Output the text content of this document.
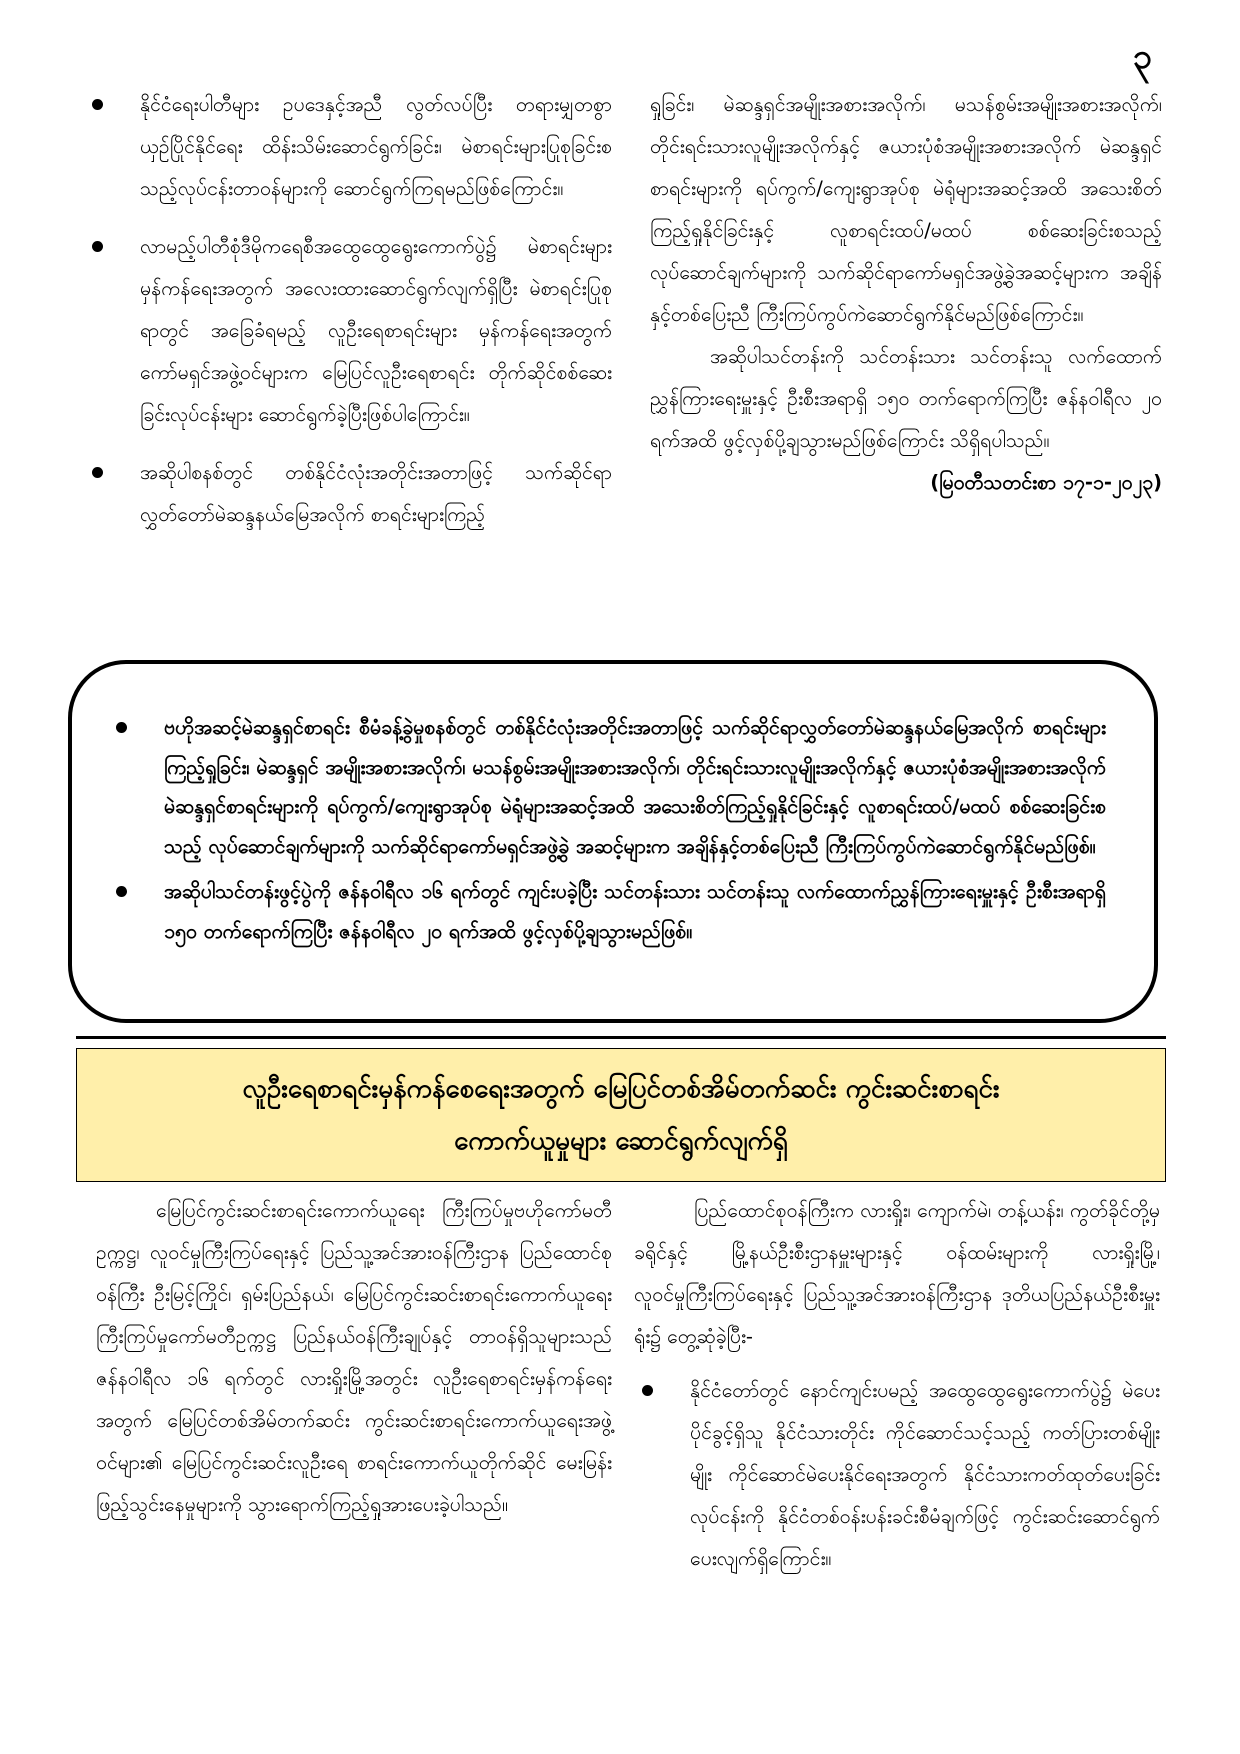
၃
နိုင်ငံရေးပါတီများ ဥပဒေနှင့်အညီ လွတ်လပ်ပြီး တရားမျှတစွာ ယှဉ်ပြိုင်နိုင်ရေး ထိန်းသိမ်းဆောင်ရွက်ခြင်း၊ မဲစာရင်းများပြုစုခြင်းစသည့်လုပ်ငန်းတာဝန်များကို ဆောင်ရွက်ကြရမည်ဖြစ်ကြောင်း။
လာမည့်ပါတီစုံဒီမိုကရေစီအထွေထွေရွေးကောက်ပွဲ၌ မဲစာရင်းများ မှန်ကန်ရေးအတွက် အလေးထားဆောင်ရွက်လျက်ရှိပြီး မဲစာရင်းပြုစုရာတွင် အခြေခံရမည့် လူဦးရေစာရင်းများ မှန်ကန်ရေးအတွက် ကော်မရှင်အဖွဲ့ဝင်များက မြေပြင်လူဦးရေစာရင်း တိုက်ဆိုင်စစ်ဆေးခြင်းလုပ်ငန်းများ ဆောင်ရွက်ခဲ့ပြီးဖြစ်ပါကြောင်း။
အဆိုပါစနစ်တွင် တစ်နိုင်ငံလုံးအတိုင်းအတာဖြင့် သက်ဆိုင်ရာလွှတ်တော်မဲဆန္ဒနယ်မြေအလိုက် စာရင်းများကြည့်

ရှုခြင်း၊ မဲဆန္ဒရှင်အမျိုးအစားအလိုက်၊ မသန်စွမ်းအမျိုးအစားအလိုက်၊ တိုင်းရင်းသားလူမျိုးအလိုက်နှင့် ဇယားပုံစံအမျိုးအစားအလိုက် မဲဆန္ဒရှင်စာရင်းများကို ရပ်ကွက်/ကျေးရွာအုပ်စု မဲရုံများအဆင့်အထိ အသေးစိတ်ကြည့်ရှုနိုင်ခြင်းနှင့် လူစာရင်းထပ်/မထပ် စစ်ဆေးခြင်းစသည့် လုပ်ဆောင်ချက်များကို သက်ဆိုင်ရာကော်မရှင်အဖွဲ့ခွဲအဆင့်များက အချိန်နှင့်တစ်ပြေးညီ ကြီးကြပ်ကွပ်ကဲဆောင်ရွက်နိုင်မည်ဖြစ်ကြောင်း။

အဆိုပါသင်တန်းကို သင်တန်းသား သင်တန်းသူ လက်ထောက်ညွှန်ကြားရေးမှူးနှင့် ဦးစီးအရာရှိ ၁၅၀ တက်ရောက်ကြပြီး ဇန်နဝါရီလ ၂၀ ရက်အထိ ဖွင့်လှစ်ပို့ချသွားမည်ဖြစ်ကြောင်း သိရှိရပါသည်။

(မြဝတီသတင်းစာ ၁၇-၁-၂၀၂၃)

ဗဟိုအဆင့်မဲဆန္ဒရှင်စာရင်း စီမံခန့်ခွဲမှုစနစ်တွင် တစ်နိုင်ငံလုံးအတိုင်းအတာဖြင့် သက်ဆိုင်ရာလွှတ်တော်မဲဆန္ဒနယ်မြေအလိုက် စာရင်းများကြည့်ရှုခြင်း၊ မဲဆန္ဒရှင် အမျိုးအစားအလိုက်၊ မသန်စွမ်းအမျိုးအစားအလိုက်၊ တိုင်းရင်းသားလူမျိုးအလိုက်နှင့် ဇယားပုံစံအမျိုးအစားအလိုက် မဲဆန္ဒရှင်စာရင်းများကို ရပ်ကွက်/ကျေးရွာအုပ်စု မဲရုံများအဆင့်အထိ အသေးစိတ်ကြည့်ရှုနိုင်ခြင်းနှင့် လူစာရင်းထပ်/မထပ် စစ်ဆေးခြင်းစသည့် လုပ်ဆောင်ချက်များကို သက်ဆိုင်ရာကော်မရှင်အဖွဲ့ခွဲ အဆင့်များက အချိန်နှင့်တစ်ပြေးညီ ကြီးကြပ်ကွပ်ကဲဆောင်ရွက်နိုင်မည်ဖြစ်။
အဆိုပါသင်တန်းဖွင့်ပွဲကို ဇန်နဝါရီလ ၁၆ ရက်တွင် ကျင်းပခဲ့ပြီး သင်တန်းသား သင်တန်းသူ လက်ထောက်ညွှန်ကြားရေးမှူးနှင့် ဦးစီးအရာရှိ ၁၅၀ တက်ရောက်ကြပြီး ဇန်နဝါရီလ ၂၀ ရက်အထိ ဖွင့်လှစ်ပို့ချသွားမည်ဖြစ်။
လူဦးရေစာရင်းမှန်ကန်စေရေးအတွက် မြေပြင်တစ်အိမ်တက်ဆင်း ကွင်းဆင်းစာရင်း
ကောက်ယူမှုများ ဆောင်ရွက်လျက်ရှိ

မြေပြင်ကွင်းဆင်းစာရင်းကောက်ယူရေး ကြီးကြပ်မှုဗဟိုကော်မတီဥက္ကဋ္ဌ၊ လူဝင်မှုကြီးကြပ်ရေးနှင့် ပြည်သူ့အင်အားဝန်ကြီးဌာန ပြည်ထောင်စုဝန်ကြီး ဦးမြင့်ကြိုင်၊ ရှမ်းပြည်နယ်၊ မြေပြင်ကွင်းဆင်းစာရင်းကောက်ယူရေးကြီးကြပ်မှုကော်မတီဥက္ကဋ္ဌ ပြည်နယ်ဝန်ကြီးချုပ်နှင့် တာဝန်ရှိသူများသည် ဇန်နဝါရီလ ၁၆ ရက်တွင် လားရှိုးမြို့အတွင်း လူဦးရေစာရင်းမှန်ကန်ရေးအတွက် မြေပြင်တစ်အိမ်တက်ဆင်း ကွင်းဆင်းစာရင်းကောက်ယူရေးအဖွဲ့ဝင်များ၏ မြေပြင်ကွင်းဆင်းလူဦးရေ စာရင်းကောက်ယူတိုက်ဆိုင် မေးမြန်းဖြည့်သွင်းနေမှုများကို သွားရောက်ကြည့်ရှုအားပေးခဲ့ပါသည်။

ပြည်ထောင်စုဝန်ကြီးက လားရှိုး၊ ကျောက်မဲ၊ တန့်ယန်း၊ ကွတ်ခိုင်တို့မှ ခရိုင်နှင့် မြို့နယ်ဦးစီးဌာနမှူးများနှင့် ဝန်ထမ်းများကို လားရှိုးမြို့၊ လူဝင်မှုကြီးကြပ်ရေးနှင့် ပြည်သူ့အင်အားဝန်ကြီးဌာန ဒုတိယပြည်နယ်ဦးစီးမှူးရုံး၌ တွေ့ဆုံခဲ့ပြီး-

နိုင်ငံတော်တွင် နောင်ကျင်းပမည့် အထွေထွေရွေးကောက်ပွဲ၌ မဲပေးပိုင်ခွင့်ရှိသူ နိုင်ငံသားတိုင်း ကိုင်ဆောင်သင့်သည့် ကတ်ပြားတစ်မျိုးမျိုး ကိုင်ဆောင်မဲပေးနိုင်ရေးအတွက် နိုင်ငံသားကတ်ထုတ်ပေးခြင်းလုပ်ငန်းကို နိုင်ငံတစ်ဝန်းပန်းခင်းစီမံချက်ဖြင့် ကွင်းဆင်းဆောင်ရွက်ပေးလျက်ရှိကြောင်း။
